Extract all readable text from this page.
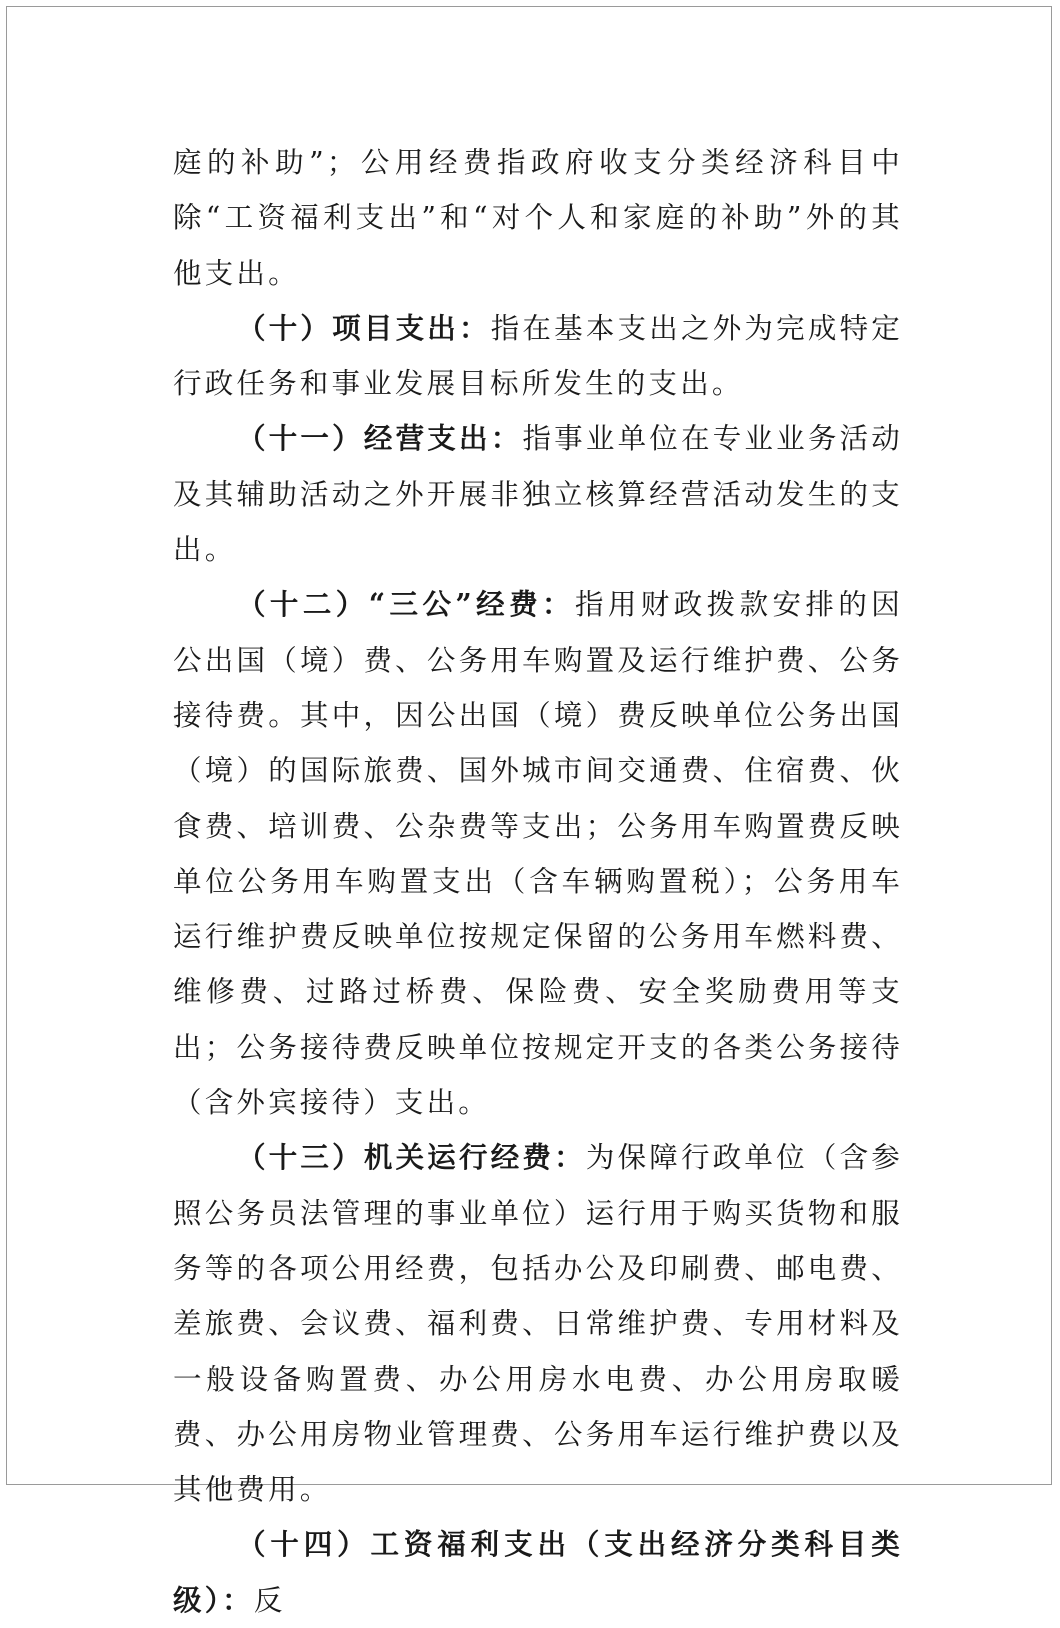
庭的补助”；公用经费指政府收支分类经济科目中除“工资福利支出”和“对个人和家庭的补助”外的其他支出。

（十）项目支出：指在基本支出之外为完成特定行政任务和事业发展目标所发生的支出。

（十一）经营支出：指事业单位在专业业务活动及其辅助活动之外开展非独立核算经营活动发生的支出。

（十二）“三公”经费：指用财政拨款安排的因公出国（境）费、公务用车购置及运行维护费、公务接待费。其中，因公出国（境）费反映单位公务出国（境）的国际旅费、国外城市间交通费、住宿费、伙食费、培训费、公杂费等支出；公务用车购置费反映单位公务用车购置支出（含车辆购置税）；公务用车运行维护费反映单位按规定保留的公务用车燃料费、维修费、过路过桥费、保险费、安全奖励费用等支出；公务接待费反映单位按规定开支的各类公务接待（含外宾接待）支出。

（十三）机关运行经费：为保障行政单位（含参照公务员法管理的事业单位）运行用于购买货物和服务等的各项公用经费，包括办公及印刷费、邮电费、差旅费、会议费、福利费、日常维护费、专用材料及一般设备购置费、办公用房水电费、办公用房取暖费、办公用房物业管理费、公务用车运行维护费以及其他费用。

（十四）工资福利支出（支出经济分类科目类级）：反
